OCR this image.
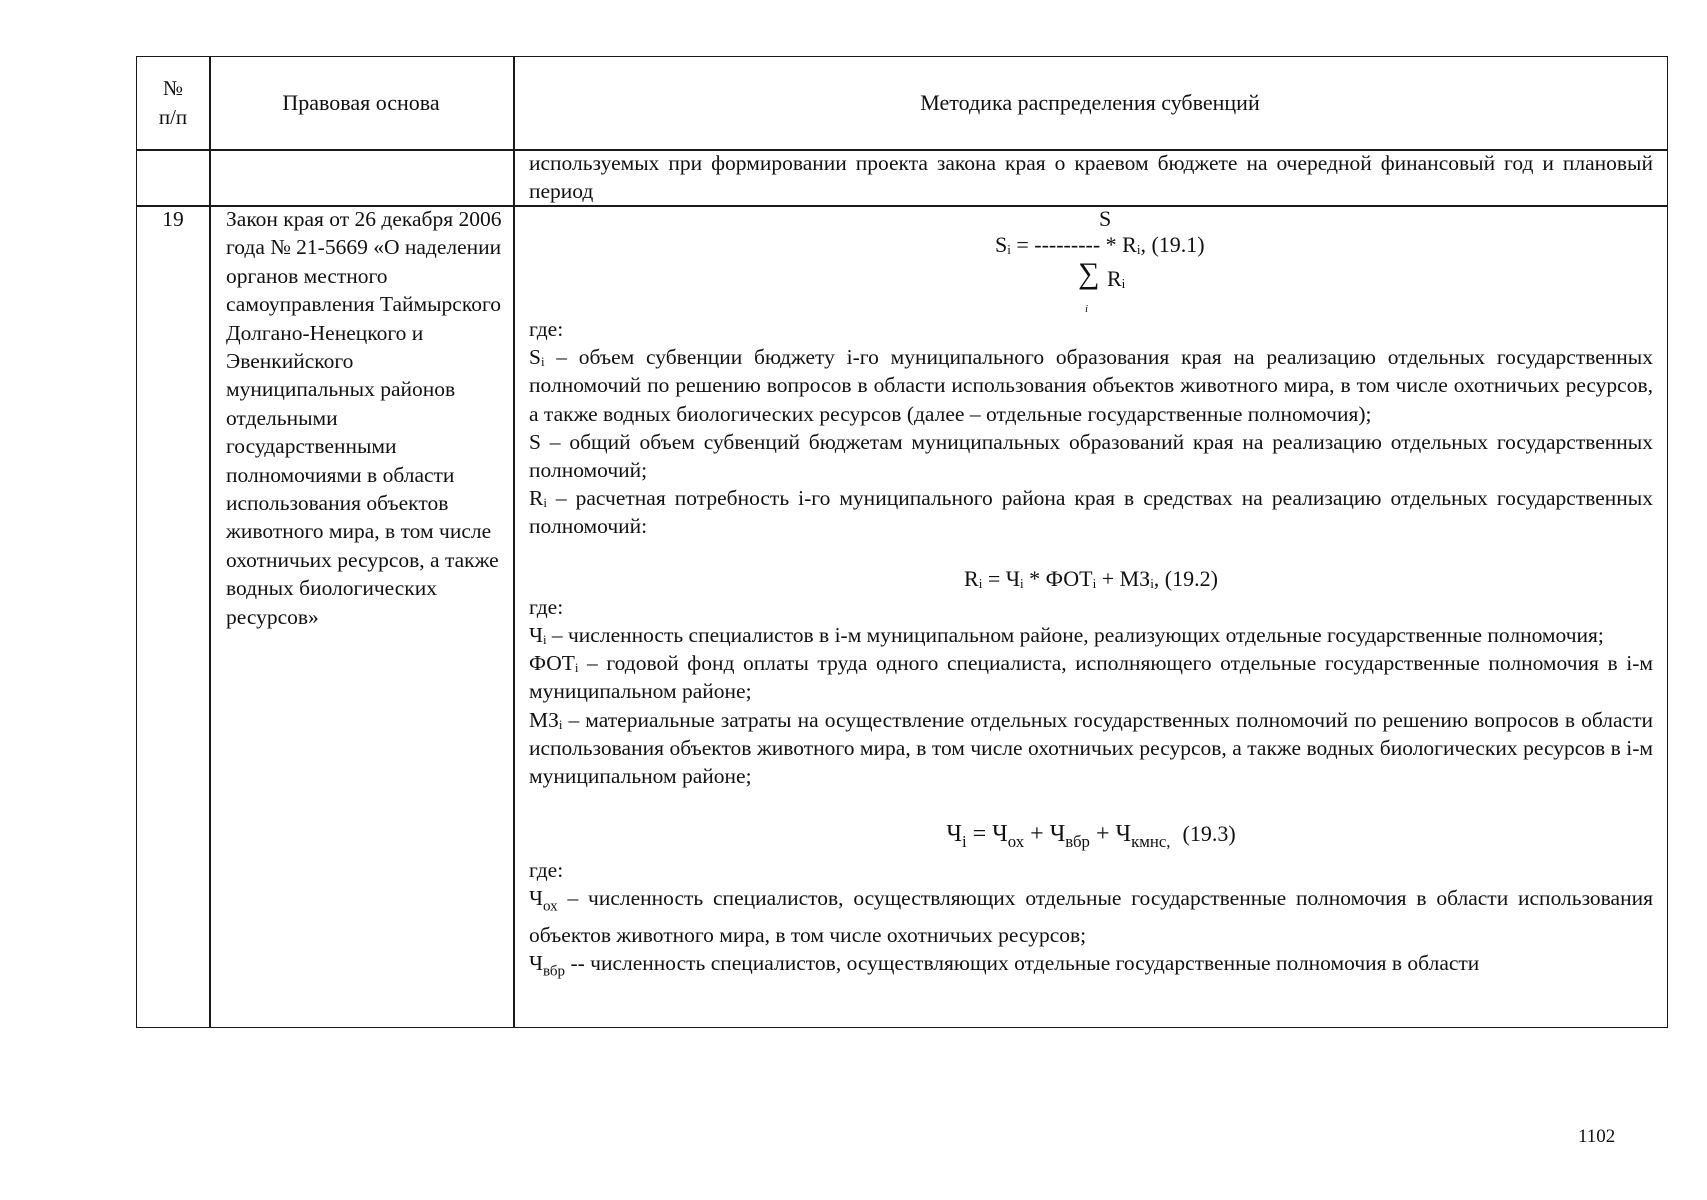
№
п/п
Правовая основа	Методика распределения субвенций
используемых при формировании проекта закона края о краевом бюджете на очередной финансовый год и плановый период
19	Закон края от 26 декабря 2006 года № 21-5669 «О наделении органов местного самоуправления Таймырского Долгано-Ненецкого и Эвенкийского муниципальных районов отдельными государственными полномочиями в области использования объектов животного мира, в том числе охотничьих ресурсов, а также водных биологических ресурсов»
S
Sᵢ = --------- * Rᵢ, (19.1)
∑ Rᵢ
i

где:

Sᵢ – объем субвенции бюджету i-го муниципального образования края на реализацию отдельных государственных полномочий по решению вопросов в области использования объектов животного мира, в том числе охотничьих ресурсов, а также водных биологических ресурсов (далее – отдельные государственные полномочия);

S – общий объем субвенций бюджетам муниципальных образований края на реализацию отдельных государственных полномочий;

Rᵢ – расчетная потребность i-го муниципального района края в средствах на реализацию отдельных государственных полномочий:

Rᵢ = Чᵢ * ФОТᵢ + МЗᵢ, (19.2)

где:

Чᵢ – численность специалистов в i-м муниципальном районе, реализующих отдельные государственные полномочия;

ФОТᵢ – годовой фонд оплаты труда одного специалиста, исполняющего отдельные государственные полномочия в i-м муниципальном районе;

МЗᵢ – материальные затраты на осуществление отдельных государственных полномочий по решению вопросов в области использования объектов животного мира, в том числе охотничьих ресурсов, а также водных биологических ресурсов в i-м муниципальном районе;

$Ч_i = Ч_{ох} + Ч_{вбр} + Ч_{кмнс,}$ (19.3)

где:

$Ч_{ох}$ – численность специалистов, осуществляющих отдельные государственные полномочия в области использования объектов животного мира, в том числе охотничьих ресурсов;

$Ч_{вбр}$ -- численность специалистов, осуществляющих отдельные государственные полномочия в области

1102
